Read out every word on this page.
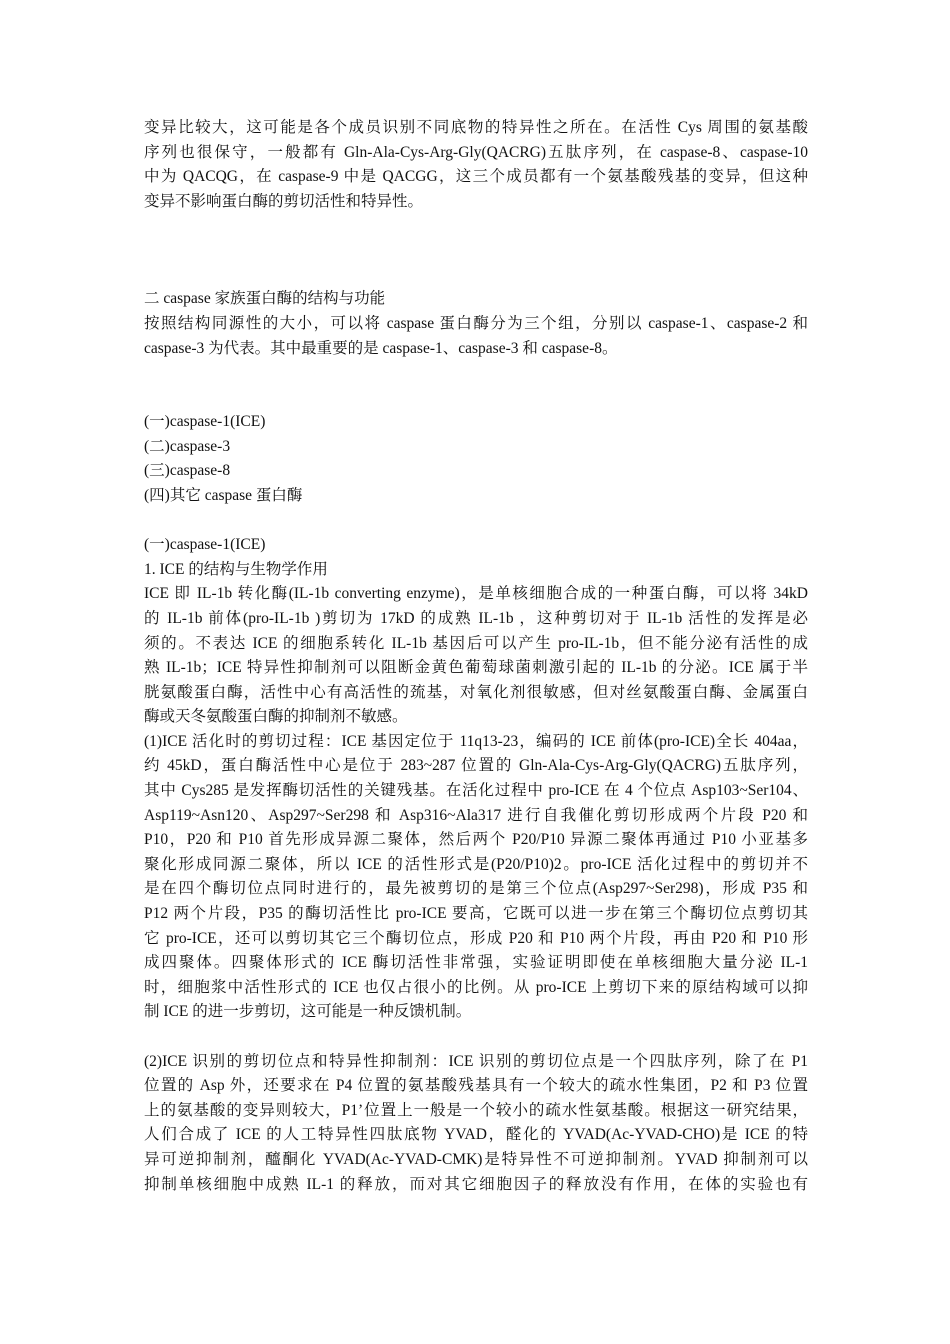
变异比较大，这可能是各个成员识别不同底物的特异性之所在。在活性 Cys 周围的氨基酸
序列也很保守，一般都有 Gln-Ala-Cys-Arg-Gly(QACRG)五肽序列，在 caspase-8、caspase-10
中为 QACQG，在 caspase-9 中是 QACGG，这三个成员都有一个氨基酸残基的变异，但这种
变异不影响蛋白酶的剪切活性和特异性。
二 caspase 家族蛋白酶的结构与功能
按照结构同源性的大小，可以将 caspase 蛋白酶分为三个组，分别以 caspase-1、caspase-2 和
caspase-3 为代表。其中最重要的是 caspase-1、caspase-3 和 caspase-8。
(一)caspase-1(ICE)
(二)caspase-3
(三)caspase-8
(四)其它 caspase 蛋白酶
(一)caspase-1(ICE)
1. ICE 的结构与生物学作用
ICE 即 IL-1b 转化酶(IL-1b converting enzyme)，是单核细胞合成的一种蛋白酶，可以将 34kD
的 IL-1b 前体(pro-IL-1b )剪切为 17kD 的成熟 IL-1b ，这种剪切对于 IL-1b 活性的发挥是必
须的。不表达 ICE 的细胞系转化 IL-1b 基因后可以产生 pro-IL-1b，但不能分泌有活性的成
熟 IL-1b；ICE 特异性抑制剂可以阻断金黄色葡萄球菌刺激引起的 IL-1b 的分泌。ICE 属于半
胱氨酸蛋白酶，活性中心有高活性的巯基，对氧化剂很敏感，但对丝氨酸蛋白酶、金属蛋白
酶或天冬氨酸蛋白酶的抑制剂不敏感。
(1)ICE 活化时的剪切过程：ICE 基因定位于 11q13-23，编码的 ICE 前体(pro-ICE)全长 404aa，
约 45kD，蛋白酶活性中心是位于 283~287 位置的 Gln-Ala-Cys-Arg-Gly(QACRG)五肽序列，
其中 Cys285 是发挥酶切活性的关键残基。在活化过程中 pro-ICE 在 4 个位点 Asp103~Ser104、
Asp119~Asn120、Asp297~Ser298 和 Asp316~Ala317 进行自我催化剪切形成两个片段 P20 和
P10，P20 和 P10 首先形成异源二聚体，然后两个 P20/P10 异源二聚体再通过 P10 小亚基多
聚化形成同源二聚体，所以 ICE 的活性形式是(P20/P10)2。pro-ICE 活化过程中的剪切并不
是在四个酶切位点同时进行的，最先被剪切的是第三个位点(Asp297~Ser298)，形成 P35 和
P12 两个片段，P35 的酶切活性比 pro-ICE 要高，它既可以进一步在第三个酶切位点剪切其
它 pro-ICE，还可以剪切其它三个酶切位点，形成 P20 和 P10 两个片段，再由 P20 和 P10 形
成四聚体。四聚体形式的 ICE 酶切活性非常强，实验证明即使在单核细胞大量分泌 IL-1
时，细胞浆中活性形式的 ICE 也仅占很小的比例。从 pro-ICE 上剪切下来的原结构域可以抑
制 ICE 的进一步剪切，这可能是一种反馈机制。
(2)ICE 识别的剪切位点和特异性抑制剂：ICE 识别的剪切位点是一个四肽序列，除了在 P1
位置的 Asp 外，还要求在 P4 位置的氨基酸残基具有一个较大的疏水性集团，P2 和 P3 位置
上的氨基酸的变异则较大，P1’位置上一般是一个较小的疏水性氨基酸。根据这一研究结果，
人们合成了 ICE 的人工特异性四肽底物 YVAD，醛化的 YVAD(Ac-YVAD-CHO)是 ICE 的特
异可逆抑制剂，醯酮化 YVAD(Ac-YVAD-CMK)是特异性不可逆抑制剂。YVAD 抑制剂可以
抑制单核细胞中成熟 IL-1 的释放，而对其它细胞因子的释放没有作用，在体的实验也有
